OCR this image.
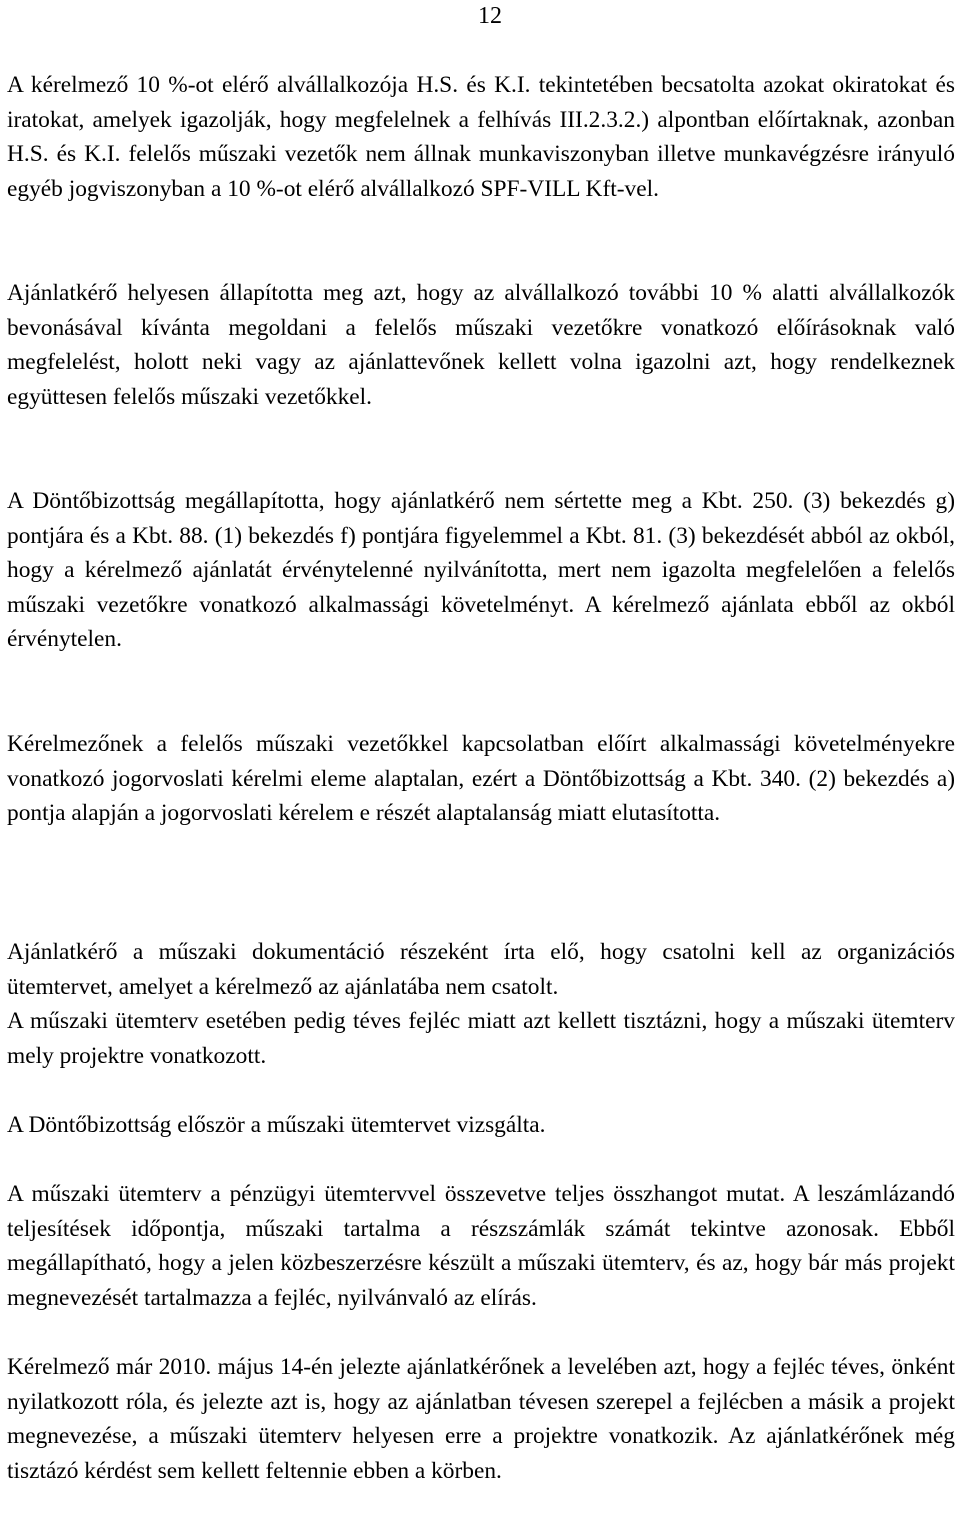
12

A kérelmező 10 %-ot elérő alvállalkozója H.S. és K.I. tekintetében becsatolta azokat okiratokat és iratokat, amelyek igazolják, hogy megfelelnek a felhívás III.2.3.2.) alpontban előírtaknak, azonban H.S. és K.I. felelős műszaki vezetők nem állnak munkaviszonyban illetve munkavégzésre irányuló egyéb jogviszonyban a 10 %-ot elérő alvállalkozó SPF-VILL Kft-vel.

Ajánlatkérő helyesen állapította meg azt, hogy az alvállalkozó további 10 % alatti alvállalkozók bevonásával kívánta megoldani a felelős műszaki vezetőkre vonatkozó előírásoknak való megfelelést, holott neki vagy az ajánlattevőnek kellett volna igazolni azt, hogy rendelkeznek együttesen felelős műszaki vezetőkkel.

A Döntőbizottság megállapította, hogy ajánlatkérő nem sértette meg a Kbt. 250. (3) bekezdés g) pontjára és a Kbt. 88. (1) bekezdés f) pontjára figyelemmel a Kbt. 81. (3) bekezdését abból az okból, hogy a kérelmező ajánlatát érvénytelenné nyilvánította, mert nem igazolta megfelelően a felelős műszaki vezetőkre vonatkozó alkalmassági követelményt. A kérelmező ajánlata ebből az okból érvénytelen.

Kérelmezőnek a felelős műszaki vezetőkkel kapcsolatban előírt alkalmassági követelményekre vonatkozó jogorvoslati kérelmi eleme alaptalan, ezért a Döntőbizottság a Kbt. 340. (2) bekezdés a) pontja alapján a jogorvoslati kérelem e részét alaptalanság miatt elutasította.

Ajánlatkérő a műszaki dokumentáció részeként írta elő, hogy csatolni kell az organizációs ütemtervet, amelyet a kérelmező az ajánlatába nem csatolt.

A műszaki ütemterv esetében pedig téves fejléc miatt azt kellett tisztázni, hogy a műszaki ütemterv mely projektre vonatkozott.

A Döntőbizottság először a műszaki ütemtervet vizsgálta.

A műszaki ütemterv a pénzügyi ütemtervvel összevetve teljes összhangot mutat. A leszámlázandó teljesítések időpontja, műszaki tartalma a részszámlák számát tekintve azonosak. Ebből megállapítható, hogy a jelen közbeszerzésre készült a műszaki ütemterv, és az, hogy bár más projekt megnevezését tartalmazza a fejléc, nyilvánvaló az elírás.

Kérelmező már 2010. május 14-én jelezte ajánlatkérőnek a levelében azt, hogy a fejléc téves, önként nyilatkozott róla, és jelezte azt is, hogy az ajánlatban tévesen szerepel a fejlécben a másik a projekt megnevezése, a műszaki ütemterv helyesen erre a projektre vonatkozik. Az ajánlatkérőnek még tisztázó kérdést sem kellett feltennie ebben a körben.
